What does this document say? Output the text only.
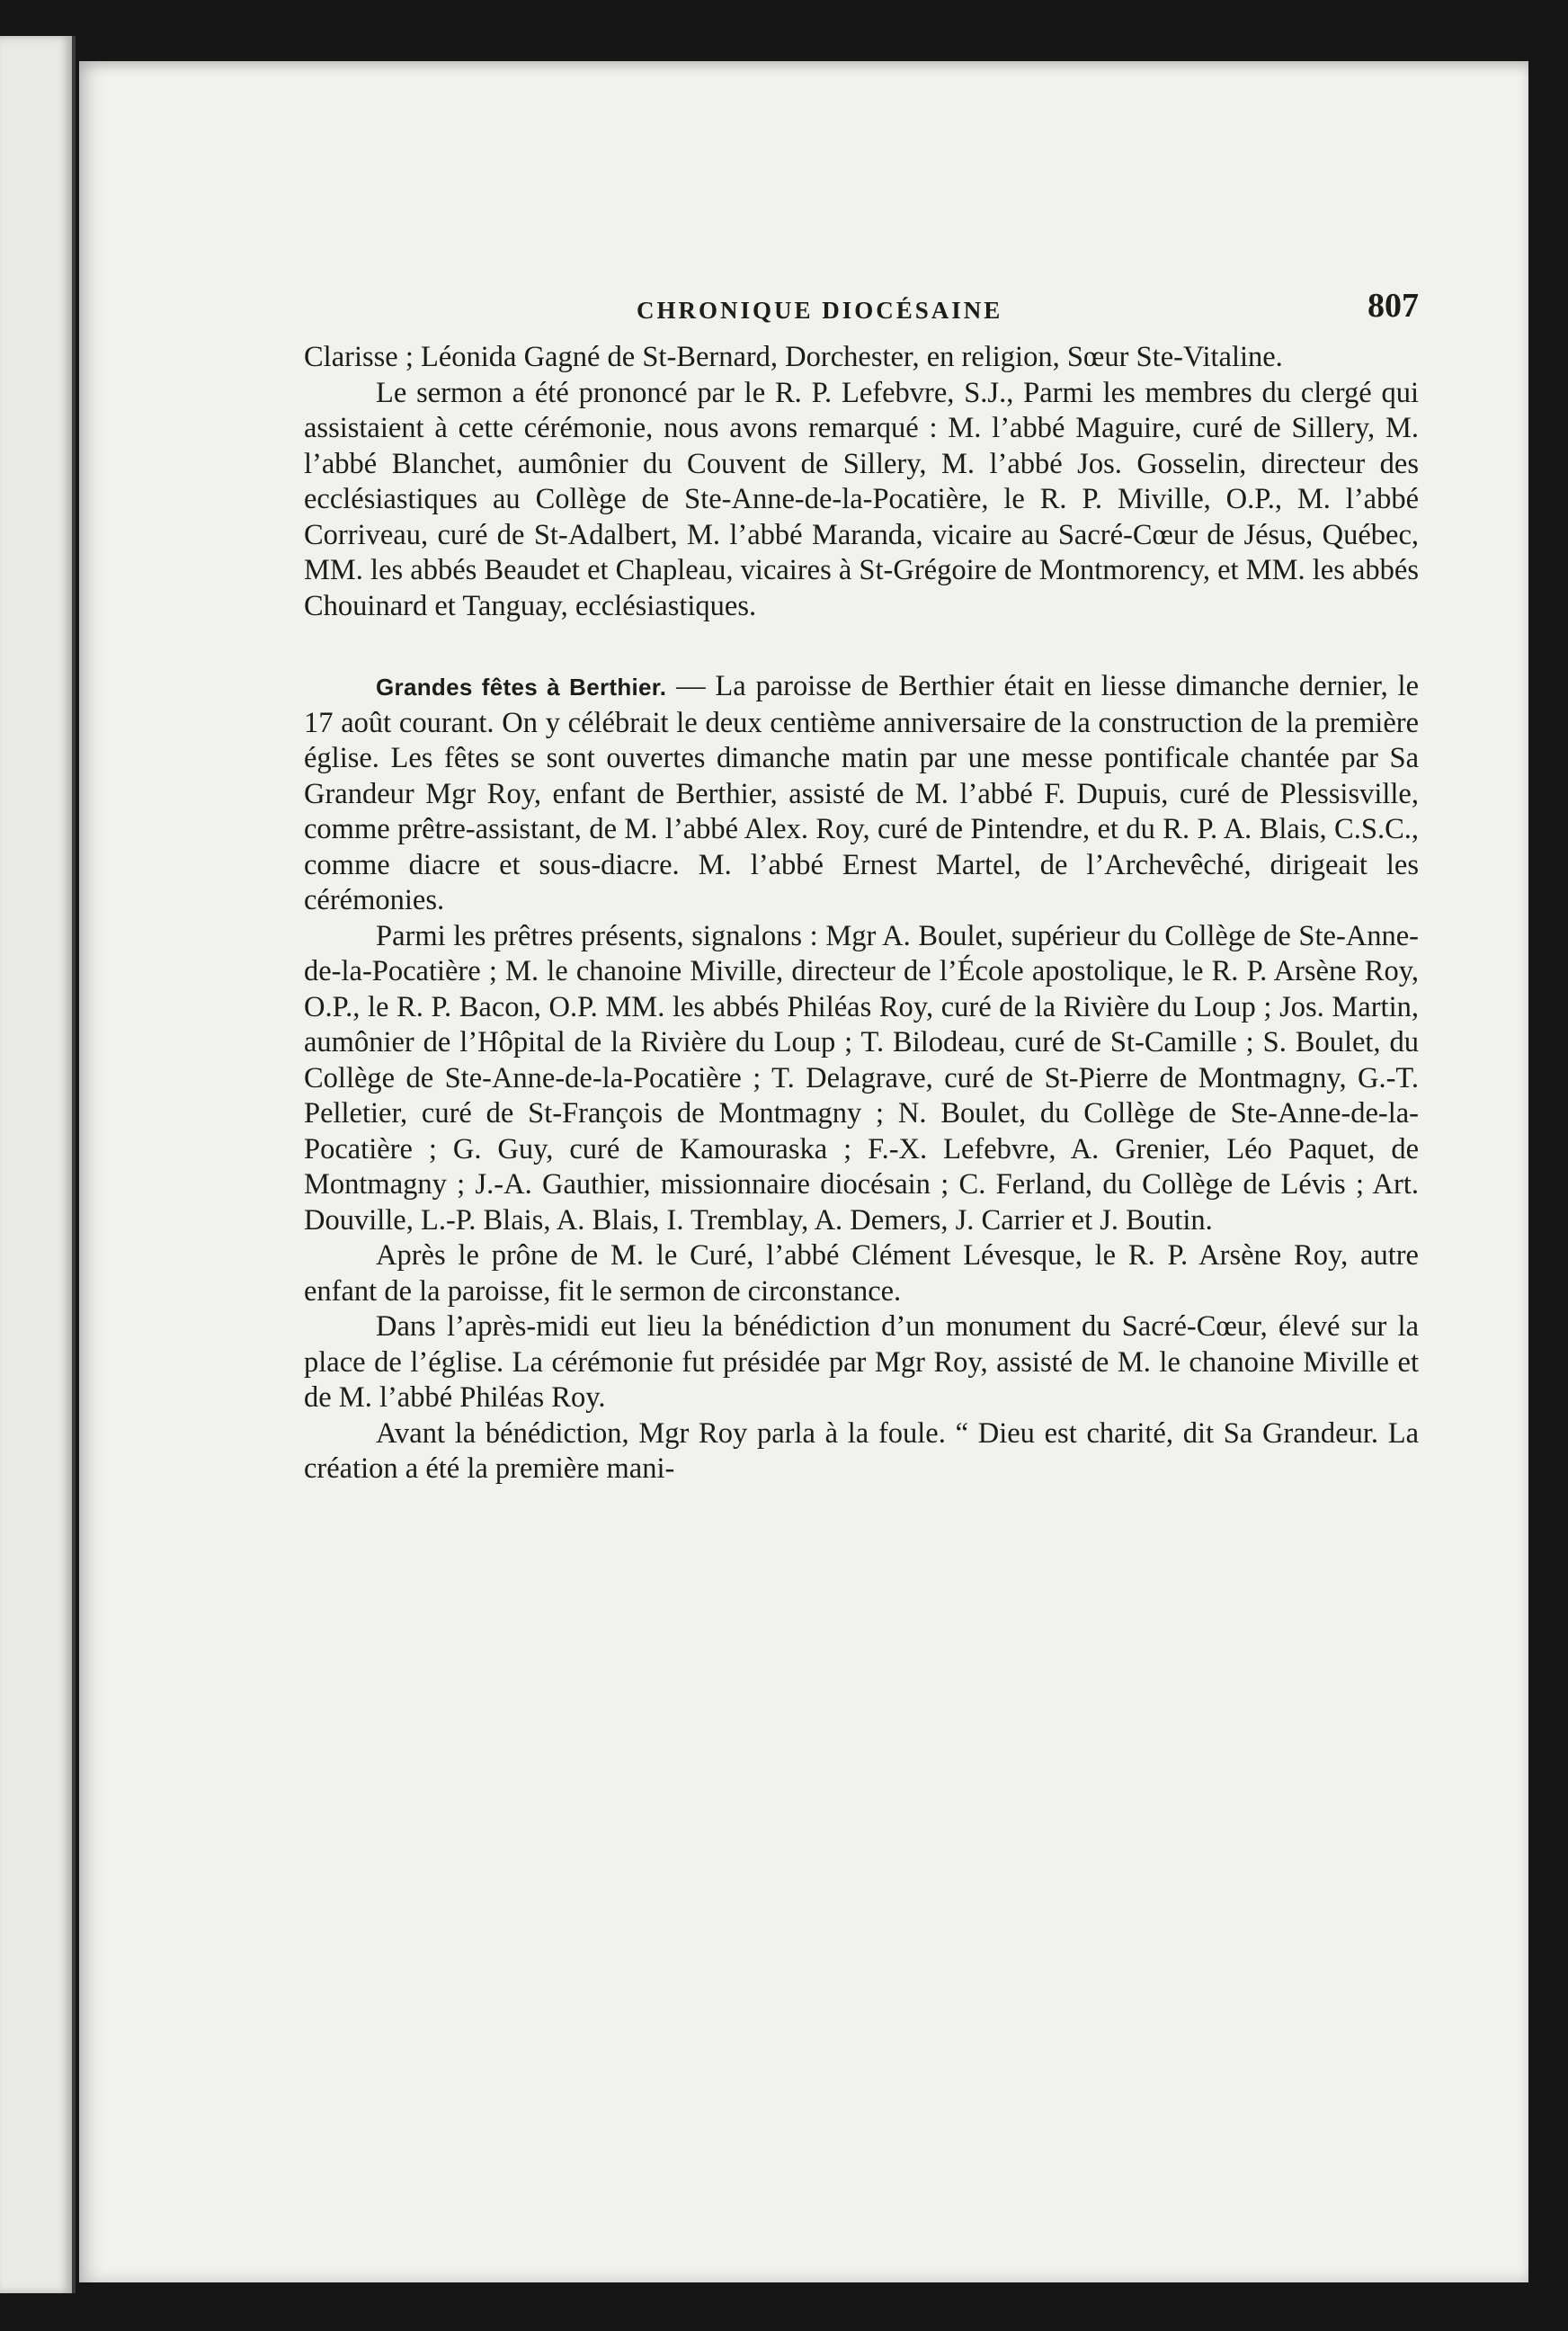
CHRONIQUE DIOCÉSAINE	807

Clarisse ; Léonida Gagné de St-Bernard, Dorchester, en religion, Sœur Ste-Vitaline.

Le sermon a été prononcé par le R. P. Lefebvre, S.J., Parmi les membres du clergé qui assistaient à cette cérémonie, nous avons remarqué : M. l’abbé Maguire, curé de Sillery, M. l’abbé Blanchet, aumônier du Couvent de Sillery, M. l’abbé Jos. Gosselin, directeur des ecclésiastiques au Collège de Ste-Anne-de-la-Pocatière, le R. P. Miville, O.P., M. l’abbé Corriveau, curé de St-Adalbert, M. l’abbé Maranda, vicaire au Sacré-Cœur de Jésus, Québec, MM. les abbés Beaudet et Chapleau, vicaires à St-Grégoire de Montmorency, et MM. les abbés Chouinard et Tanguay, ecclésiastiques.

Grandes fêtes à Berthier. — La paroisse de Berthier était en liesse dimanche dernier, le 17 août courant. On y célébrait le deux centième anniversaire de la construction de la première église. Les fêtes se sont ouvertes dimanche matin par une messe pontificale chantée par Sa Grandeur Mgr Roy, enfant de Berthier, assisté de M. l’abbé F. Dupuis, curé de Plessisville, comme prêtre-assistant, de M. l’abbé Alex. Roy, curé de Pintendre, et du R. P. A. Blais, C.S.C., comme diacre et sous-diacre. M. l’abbé Ernest Martel, de l’Archevêché, dirigeait les cérémonies.

Parmi les prêtres présents, signalons : Mgr A. Boulet, supérieur du Collège de Ste-Anne-de-la-Pocatière ; M. le chanoine Miville, directeur de l’École apostolique, le R. P. Arsène Roy, O.P., le R. P. Bacon, O.P. MM. les abbés Philéas Roy, curé de la Rivière du Loup ; Jos. Martin, aumônier de l’Hôpital de la Rivière du Loup ; T. Bilodeau, curé de St-Camille ; S. Boulet, du Collège de Ste-Anne-de-la-Pocatière ; T. Delagrave, curé de St-Pierre de Montmagny, G.-T. Pelletier, curé de St-François de Montmagny ; N. Boulet, du Collège de Ste-Anne-de-la-Pocatière ; G. Guy, curé de Kamouraska ; F.-X. Lefebvre, A. Grenier, Léo Paquet, de Montmagny ; J.-A. Gauthier, missionnaire diocésain ; C. Ferland, du Collège de Lévis ; Art. Douville, L.-P. Blais, A. Blais, I. Tremblay, A. Demers, J. Carrier et J. Boutin.

Après le prône de M. le Curé, l’abbé Clément Lévesque, le R. P. Arsène Roy, autre enfant de la paroisse, fit le sermon de circonstance.

Dans l’après-midi eut lieu la bénédiction d’un monument du Sacré-Cœur, élevé sur la place de l’église. La cérémonie fut présidée par Mgr Roy, assisté de M. le chanoine Miville et de M. l’abbé Philéas Roy.

Avant la bénédiction, Mgr Roy parla à la foule. “ Dieu est charité, dit Sa Grandeur. La création a été la première mani-
